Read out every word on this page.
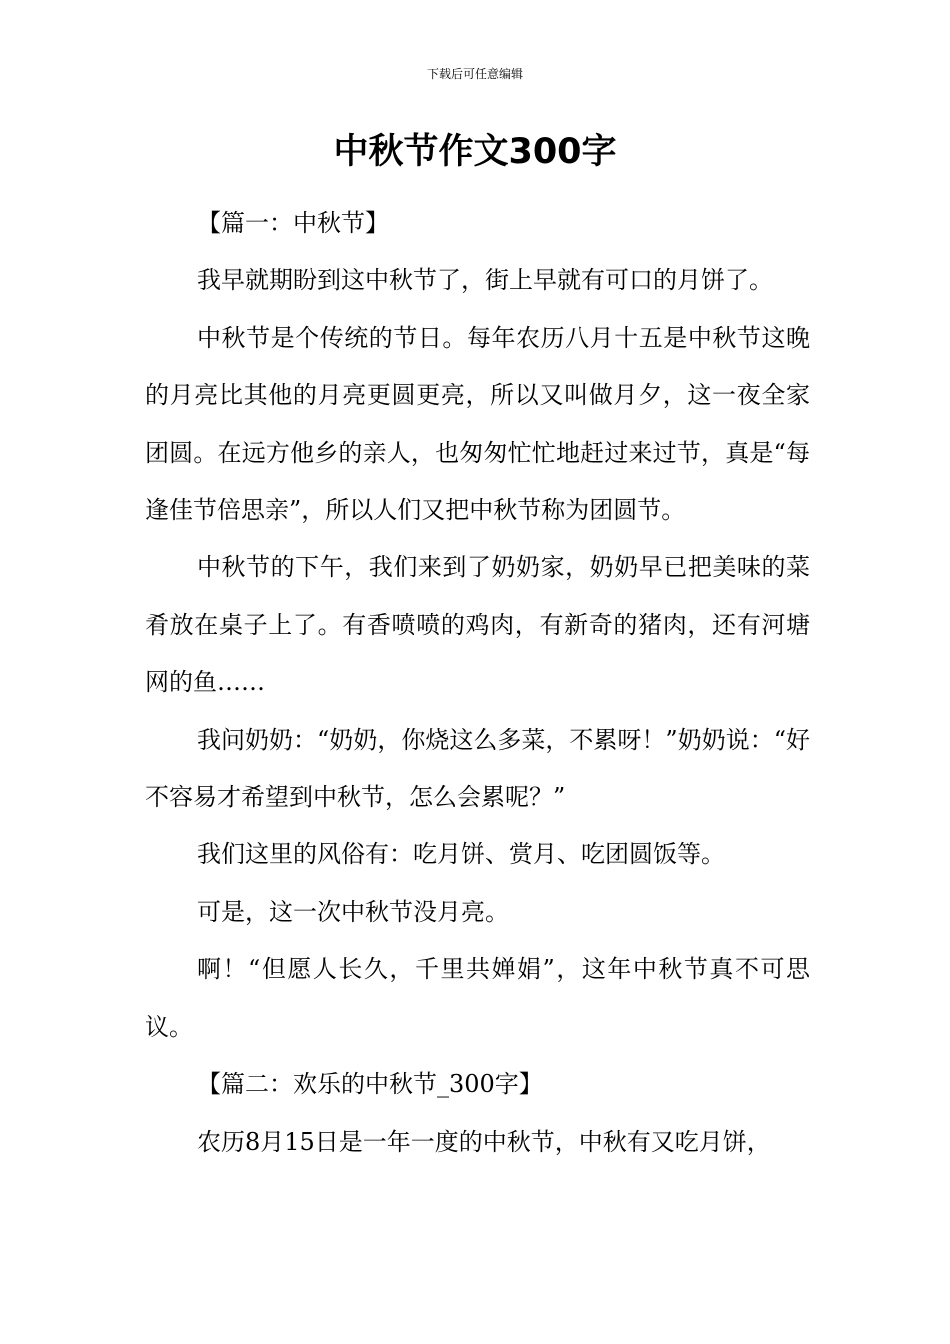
下载后可任意编辑
中秋节作文300字

【篇一：中秋节】

我早就期盼到这中秋节了，街上早就有可口的月饼了。

中秋节是个传统的节日。每年农历八月十五是中秋节这晚的月亮比其他的月亮更圆更亮，所以又叫做月夕，这一夜全家团圆。在远方他乡的亲人，也匆匆忙忙地赶过来过节，真是“每逢佳节倍思亲”，所以人们又把中秋节称为团圆节。

中秋节的下午，我们来到了奶奶家，奶奶早已把美味的菜肴放在桌子上了。有香喷喷的鸡肉，有新奇的猪肉，还有河塘网的鱼……

我问奶奶：“奶奶，你烧这么多菜，不累呀！”奶奶说：“好不容易才希望到中秋节，怎么会累呢？”

我们这里的风俗有：吃月饼、赏月、吃团圆饭等。

可是，这一次中秋节没月亮。

啊！“但愿人长久，千里共婵娟”，这年中秋节真不可思议。

【篇二：欢乐的中秋节_300字】

农历8月15日是一年一度的中秋节，中秋有又吃月饼，
